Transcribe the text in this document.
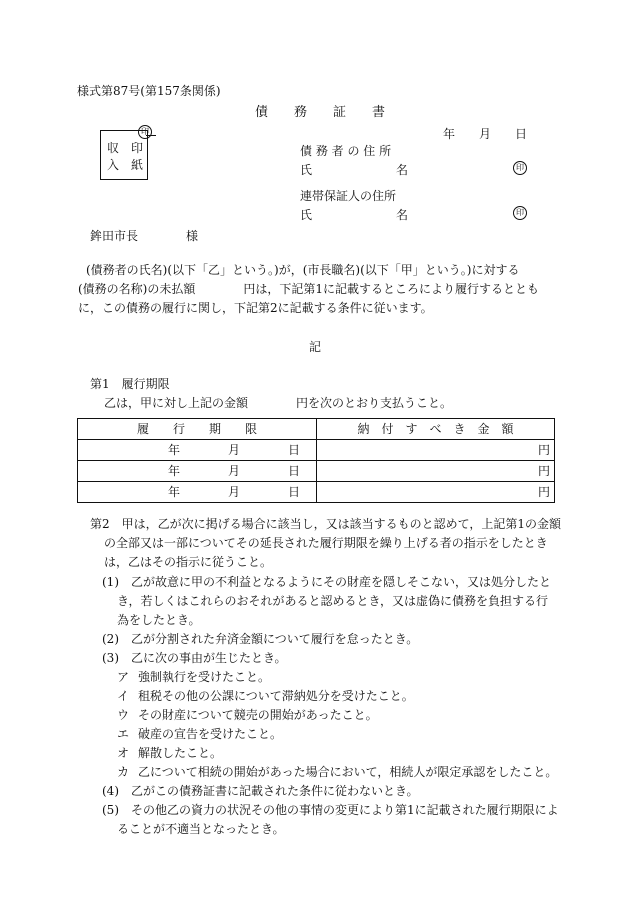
様式第87号(第157条関係)
債　　務　　証　　書
年　　月　　日
印
収　印
入　紙
債 務 者 の 住 所
氏　　　　　　　名	印
連帯保証人の住所
氏　　　　　　　名	印
鉾田市長　　　　様
(債務者の氏名)(以下「乙」という。)が，(市長職名)(以下「甲」という。)に対する
(債務の名称)の未払額　　　　円は，下記第1に記載するところにより履行するととも
に，この債務の履行に関し，下記第2に記載する条件に従います。
記
第1　履行期限
乙は，甲に対し上記の金額　　　　円を次のとおり支払うこと。
履　　行　　期　　限	納　付　す　べ　き　金　額
年　　　　月　　　　日	円
年　　　　月　　　　日	円
年　　　　月　　　　日	円
第2　甲は，乙が次に掲げる場合に該当し，又は該当するものと認めて，上記第1の金額
の全部又は一部についてその延長された履行期限を繰り上げる者の指示をしたとき
は，乙はその指示に従うこと。
(1) 乙が故意に甲の不利益となるようにその財産を隠しそこない，又は処分したと
き，若しくはこれらのおそれがあると認めるとき，又は虚偽に債務を負担する行
為をしたとき。
(2) 乙が分割された弁済金額について履行を怠ったとき。
(3) 乙に次の事由が生じたとき。
ア 強制執行を受けたこと。
イ 租税その他の公課について滞納処分を受けたこと。
ウ その財産について競売の開始があったこと。
エ 破産の宣告を受けたこと。
オ 解散したこと。
カ 乙について相続の開始があった場合において，相続人が限定承認をしたこと。
(4) 乙がこの債務証書に記載された条件に従わないとき。
(5) その他乙の資力の状況その他の事情の変更により第1に記載された履行期限によ
ることが不適当となったとき。
